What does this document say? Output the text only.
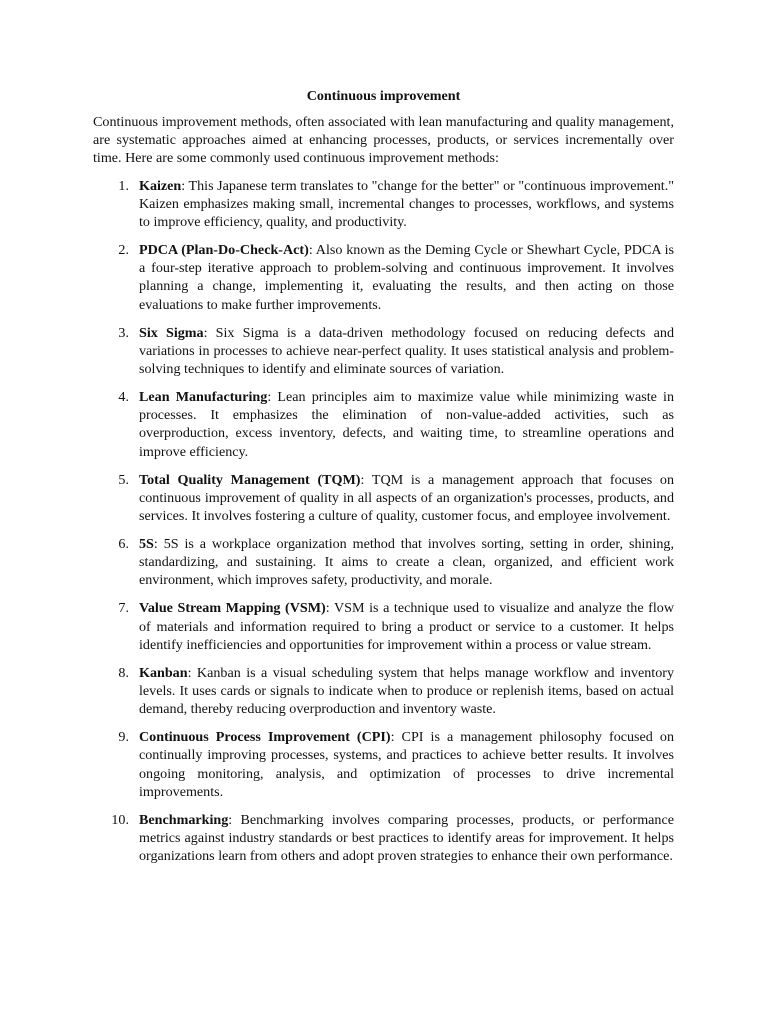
Continuous improvement

Continuous improvement methods, often associated with lean manufacturing and quality management, are systematic approaches aimed at enhancing processes, products, or services incrementally over time. Here are some commonly used continuous improvement methods:

1. Kaizen: This Japanese term translates to "change for the better" or "continuous improvement." Kaizen emphasizes making small, incremental changes to processes, workflows, and systems to improve efficiency, quality, and productivity.
2. PDCA (Plan-Do-Check-Act): Also known as the Deming Cycle or Shewhart Cycle, PDCA is a four-step iterative approach to problem-solving and continuous improvement. It involves planning a change, implementing it, evaluating the results, and then acting on those evaluations to make further improvements.
3. Six Sigma: Six Sigma is a data-driven methodology focused on reducing defects and variations in processes to achieve near-perfect quality. It uses statistical analysis and problem-solving techniques to identify and eliminate sources of variation.
4. Lean Manufacturing: Lean principles aim to maximize value while minimizing waste in processes. It emphasizes the elimination of non-value-added activities, such as overproduction, excess inventory, defects, and waiting time, to streamline operations and improve efficiency.
5. Total Quality Management (TQM): TQM is a management approach that focuses on continuous improvement of quality in all aspects of an organization's processes, products, and services. It involves fostering a culture of quality, customer focus, and employee involvement.
6. 5S: 5S is a workplace organization method that involves sorting, setting in order, shining, standardizing, and sustaining. It aims to create a clean, organized, and efficient work environment, which improves safety, productivity, and morale.
7. Value Stream Mapping (VSM): VSM is a technique used to visualize and analyze the flow of materials and information required to bring a product or service to a customer. It helps identify inefficiencies and opportunities for improvement within a process or value stream.
8. Kanban: Kanban is a visual scheduling system that helps manage workflow and inventory levels. It uses cards or signals to indicate when to produce or replenish items, based on actual demand, thereby reducing overproduction and inventory waste.
9. Continuous Process Improvement (CPI): CPI is a management philosophy focused on continually improving processes, systems, and practices to achieve better results. It involves ongoing monitoring, analysis, and optimization of processes to drive incremental improvements.
10. Benchmarking: Benchmarking involves comparing processes, products, or performance metrics against industry standards or best practices to identify areas for improvement. It helps organizations learn from others and adopt proven strategies to enhance their own performance.
